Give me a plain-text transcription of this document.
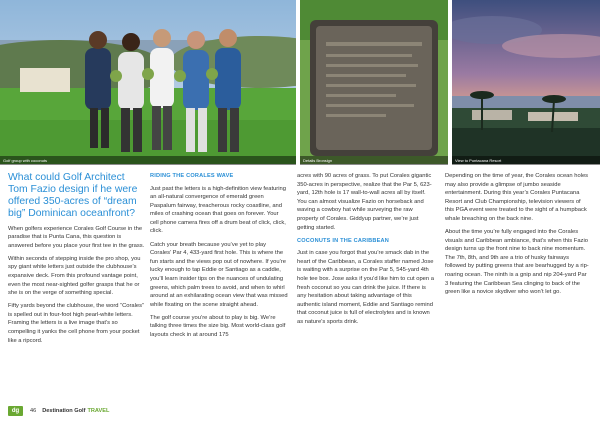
Golf group with coconuts	Details Bronsign	View to Puntacana Resort

What could Golf Architect Tom Fazio design if he were offered 350-acres of “dream big” Dominican oceanfront?

When golfers experience Corales Golf Course in the paradise that is Punta Cana, this question is answered before you place your first tee in the grass.

Within seconds of stepping inside the pro shop, you spy giant white letters just outside the clubhouse’s expansive deck. From this profound vantage point, even the most near-sighted golfer grasps that he or she is on the verge of something special.

Fifty yards beyond the clubhouse, the word “Corales” is spelled out in four-foot high pearl-white letters. Framing the letters is a live image that’s so compelling it yanks the cell phone from your pocket like a ripcord.

RIDING THE CORALES WAVE

Just past the letters is a high-definition view featuring an all-natural convergence of emerald green Paspalum fairway, treacherous rocky coastline, and miles of crashing ocean that goes on forever. Your cell phone camera fires off a drum beat of click, click, click.

Catch your breath because you’ve yet to play Corales’ Par 4, 433-yard first hole. This is where the fun starts and the views pop out of nowhere. If you’re lucky enough to tap Eddie or Santiago as a caddie, you’ll learn insider tips on the nuances of undulating greens, which palm trees to avoid, and when to whirl around at an exhilarating ocean view that was missed while fixating on the scene straight ahead.

The golf course you’re about to play is big. We’re talking three times the size big. Most world-class golf layouts check in at around 175

acres with 90 acres of grass. To put Corales gigantic 350-acres in perspective, realize that the Par 5, 623-yard, 12th hole is 17 wall-to-wall acres all by itself. You can almost visualize Fazio on horseback and waving a cowboy hat while surveying the raw property of Corales. Giddyup partner, we’re just getting started.

COCONUTS IN THE CARIBBEAN

Just in case you forgot that you’re smack dab in the heart of the Caribbean, a Corales staffer named Jose is waiting with a surprise on the Par 5, 545-yard 4th hole tee box. Jose asks if you’d like him to cut open a fresh coconut so you can drink the juice. If there is any hesitation about taking advantage of this authentic island moment, Eddie and Santiago remind that coconut juice is full of electrolytes and is known as nature’s sports drink.

Depending on the time of year, the Corales ocean holes may also provide a glimpse of jumbo seaside entertainment. During this year’s Corales Puntacana Resort and Club Championship, television viewers of this PGA event were treated to the sight of a humpback whale breaching on the back nine.

About the time you’re fully engaged into the Corales visuals and Caribbean ambiance, that’s when this Fazio design turns up the front nine to back nine momentum. The 7th, 8th, and 9th are a trio of husky fairways followed by putting greens that are bearhugged by a rip-roaring ocean. The ninth is a gnip and nip 204-yard Par 3 featuring the Caribbean Sea clinging to back of the green like a novice skydiver who won’t let go.

dg	46 Destination Golf TRAVEL
